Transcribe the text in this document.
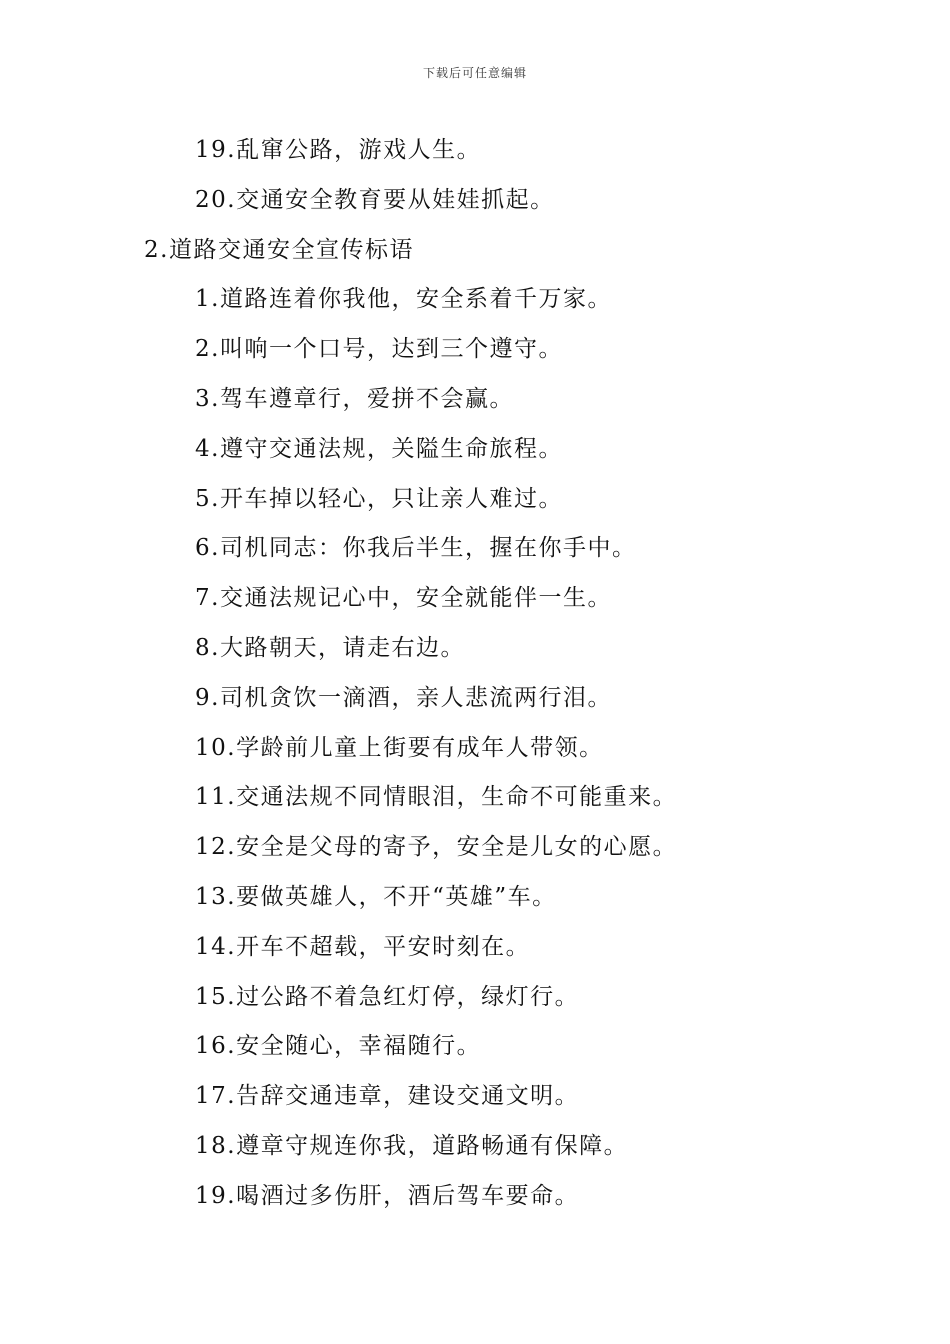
下载后可任意编辑
19.乱窜公路，游戏人生。
20.交通安全教育要从娃娃抓起。
2.道路交通安全宣传标语
1.道路连着你我他，安全系着千万家。
2.叫响一个口号，达到三个遵守。
3.驾车遵章行，爱拼不会赢。
4.遵守交通法规，关隘生命旅程。
5.开车掉以轻心，只让亲人难过。
6.司机同志：你我后半生，握在你手中。
7.交通法规记心中，安全就能伴一生。
8.大路朝天，请走右边。
9.司机贪饮一滴酒，亲人悲流两行泪。
10.学龄前儿童上街要有成年人带领。
11.交通法规不同情眼泪，生命不可能重来。
12.安全是父母的寄予，安全是儿女的心愿。
13.要做英雄人，不开“英雄”车。
14.开车不超载，平安时刻在。
15.过公路不着急红灯停，绿灯行。
16.安全随心，幸福随行。
17.告辞交通违章，建设交通文明。
18.遵章守规连你我，道路畅通有保障。
19.喝酒过多伤肝，酒后驾车要命。
